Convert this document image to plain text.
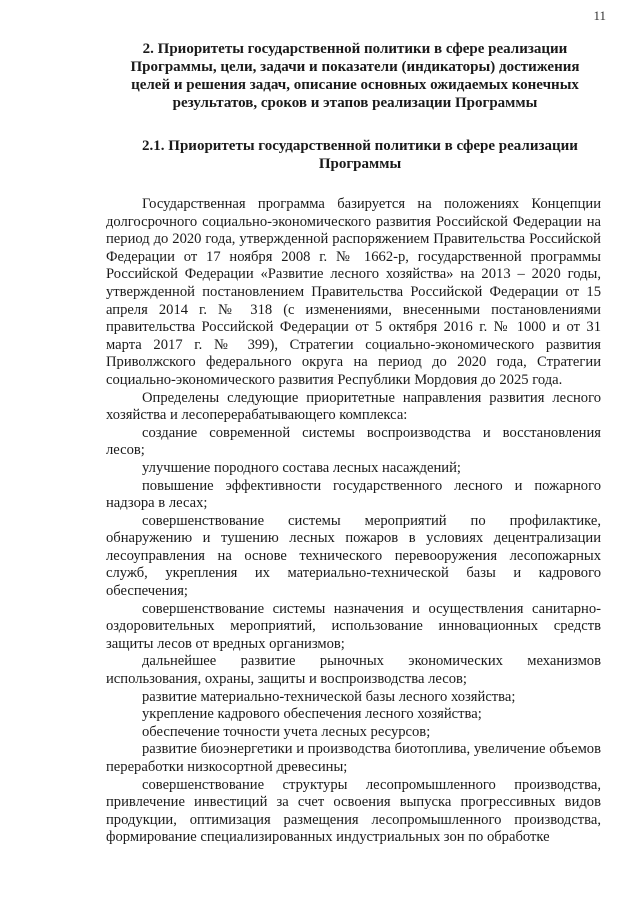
11
2. Приоритеты государственной политики в сфере реализации Программы, цели, задачи и показатели (индикаторы) достижения целей и решения задач, описание основных ожидаемых конечных результатов, сроков и этапов реализации Программы
2.1. Приоритеты государственной политики в сфере реализации Программы

Государственная программа базируется на положениях Концепции долгосрочного социально-экономического развития Российской Федерации на период до 2020 года, утвержденной распоряжением Правительства Российской Федерации от 17 ноября 2008 г. № 1662-р, государственной программы Российской Федерации «Развитие лесного хозяйства» на 2013 – 2020 годы, утвержденной постановлением Правительства Российской Федерации от 15 апреля 2014 г. № 318 (с изменениями, внесенными постановлениями правительства Российской Федерации от 5 октября 2016 г. № 1000 и от 31 марта 2017 г. № 399), Стратегии социально-экономического развития Приволжского федерального округа на период до 2020 года, Стратегии социально-экономического развития Республики Мордовия до 2025 года.

Определены следующие приоритетные направления развития лесного хозяйства и лесоперерабатывающего комплекса:

создание современной системы воспроизводства и восстановления лесов;

улучшение породного состава лесных насаждений;

повышение эффективности государственного лесного и пожарного надзора в лесах;

совершенствование системы мероприятий по профилактике, обнаружению и тушению лесных пожаров в условиях децентрализации лесоуправления на основе технического перевооружения лесопожарных служб, укрепления их материально-технической базы и кадрового обеспечения;

совершенствование системы назначения и осуществления санитарно-оздоровительных мероприятий, использование инновационных средств защиты лесов от вредных организмов;

дальнейшее развитие рыночных экономических механизмов использования, охраны, защиты и воспроизводства лесов;

развитие материально-технической базы лесного хозяйства;

укрепление кадрового обеспечения лесного хозяйства;

обеспечение точности учета лесных ресурсов;

развитие биоэнергетики и производства биотоплива, увеличение объемов переработки низкосортной древесины;

совершенствование структуры лесопромышленного производства, привлечение инвестиций за счет освоения выпуска прогрессивных видов продукции, оптимизация размещения лесопромышленного производства, формирование специализированных индустриальных зон по обработке
